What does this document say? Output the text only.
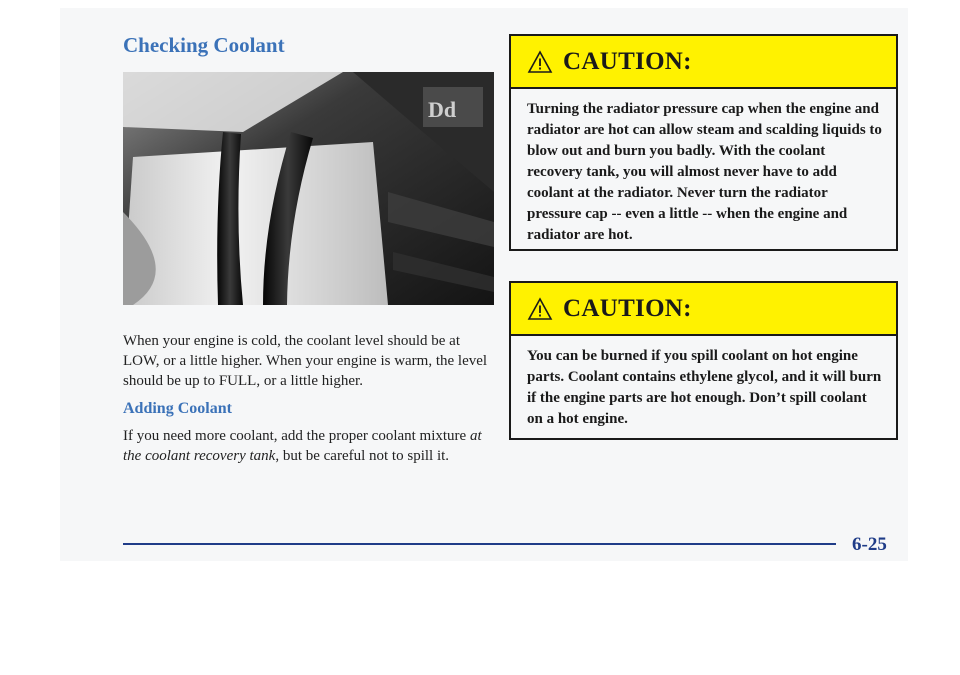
Checking Coolant
Dd

When your engine is cold, the coolant level should be at LOW, or a little higher. When your engine is warm, the level should be up to FULL, or a little higher.

Adding Coolant

If you need more coolant, add the proper coolant mixture at the coolant recovery tank, but be careful not to spill it.

CAUTION:

Turning the radiator pressure cap when the engine and radiator are hot can allow steam and scalding liquids to blow out and burn you badly. With the coolant recovery tank, you will almost never have to add coolant at the radiator. Never turn the radiator pressure cap -- even a little -- when the engine and radiator are hot.

CAUTION:

You can be burned if you spill coolant on hot engine parts. Coolant contains ethylene glycol, and it will burn if the engine parts are hot enough. Don’t spill coolant on a hot engine.

6-25
